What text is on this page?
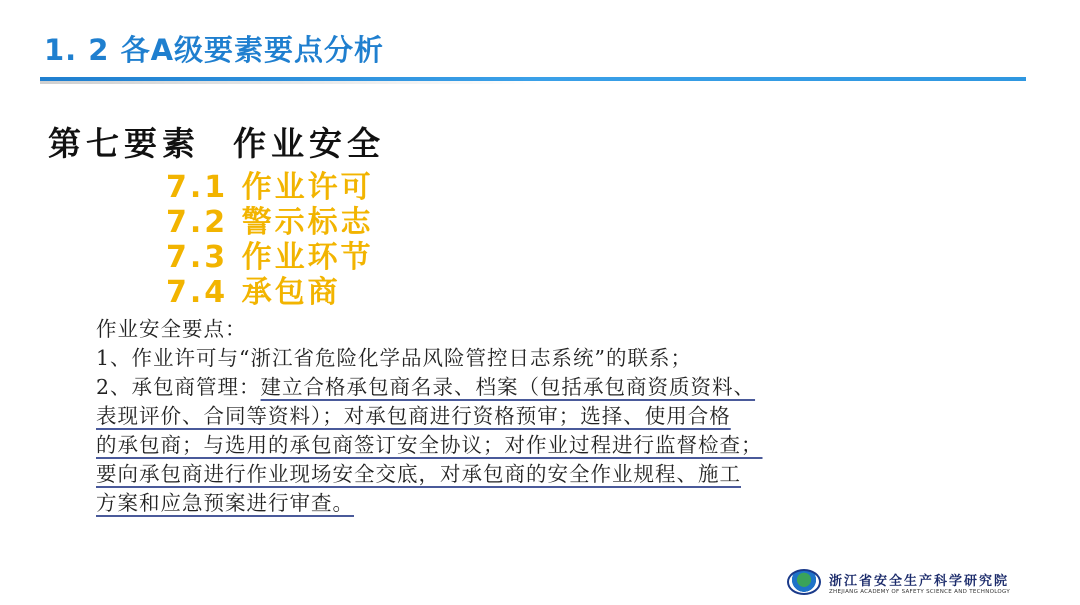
1. 2 各A级要素要点分析
第七要素  作业安全
7.1 作业许可
7.2 警示标志
7.3 作业环节
7.4 承包商
作业安全要点：
1、作业许可与“浙江省危险化学品风险管控日志系统”的联系；
2、承包商管理：建立合格承包商名录、档案（包括承包商资质资料、
表现评价、合同等资料）；对承包商进行资格预审；选择、使用合格
的承包商；与选用的承包商签订安全协议；对作业过程进行监督检查；
要向承包商进行作业现场安全交底，对承包商的安全作业规程、施工
方案和应急预案进行审查。
浙江省安全生产科学研究院
ZHEJIANG ACADEMY OF SAFETY SCIENCE AND TECHNOLOGY
